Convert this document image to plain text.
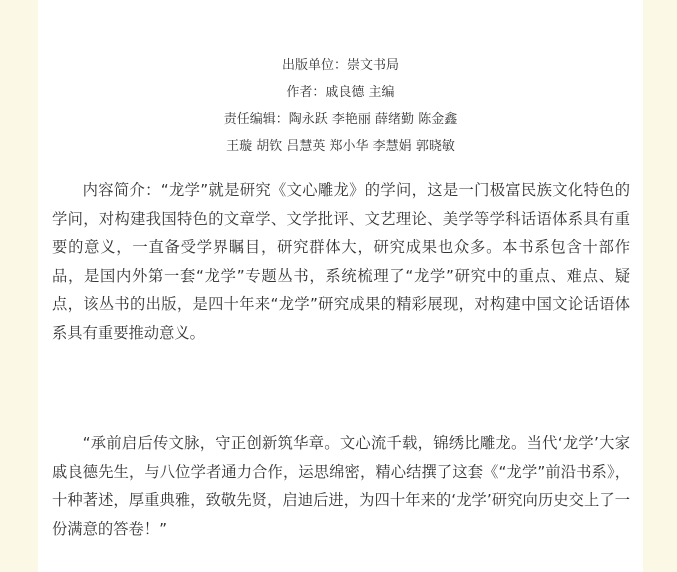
出版单位：崇文书局
作者：戚良德 主编
责任编辑：陶永跃 李艳丽 薛绪勤 陈金鑫
王璇 胡钦 吕慧英 郑小华 李慧娟 郭晓敏

内容简介：“龙学”就是研究《文心雕龙》的学问，这是一门极富民族文化特色的学问，对构建我国特色的文章学、文学批评、文艺理论、美学等学科话语体系具有重要的意义，一直备受学界瞩目，研究群体大，研究成果也众多。本书系包含十部作品，是国内外第一套“龙学”专题丛书，系统梳理了“龙学”研究中的重点、难点、疑点，该丛书的出版，是四十年来“龙学”研究成果的精彩展现，对构建中国文论话语体系具有重要推动意义。

“承前启后传文脉，守正创新筑华章。文心流千载，锦绣比雕龙。当代‘龙学’大家戚良德先生，与八位学者通力合作，运思绵密，精心结撰了这套《“龙学”前沿书系》，十种著述，厚重典雅，致敬先贤，启迪后进，为四十年来的‘龙学’研究向历史交上了一份满意的答卷！”
